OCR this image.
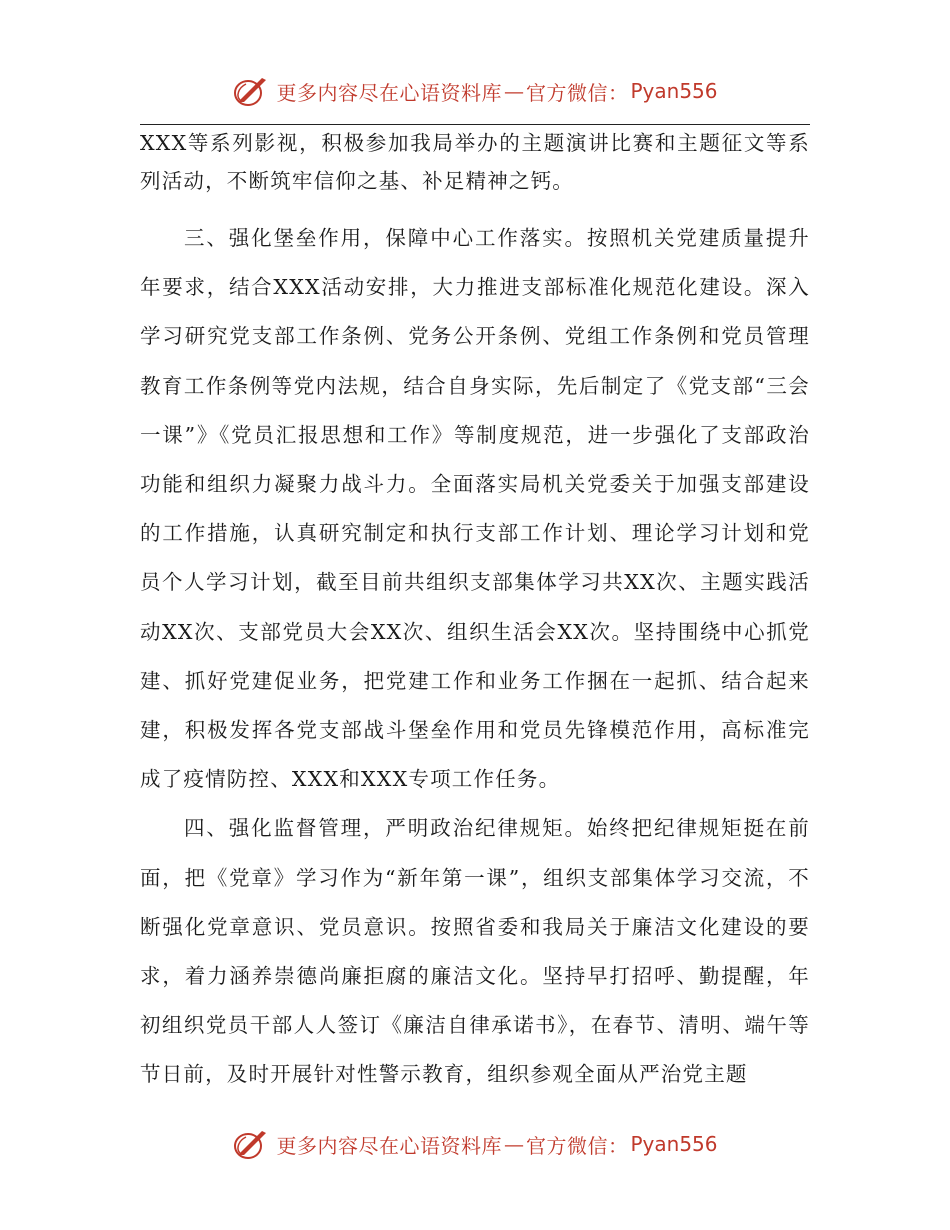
更多内容尽在心语资料库 — 官方微信： Pyan556

XXX等系列影视，积极参加我局举办的主题演讲比赛和主题征文等系列活动，不断筑牢信仰之基、补足精神之钙。

三、强化堡垒作用，保障中心工作落实。按照机关党建质量提升年要求，结合XXX活动安排，大力推进支部标准化规范化建设。深入学习研究党支部工作条例、党务公开条例、党组工作条例和党员管理教育工作条例等党内法规，结合自身实际，先后制定了《党支部“三会一课”》《党员汇报思想和工作》等制度规范，进一步强化了支部政治功能和组织力凝聚力战斗力。全面落实局机关党委关于加强支部建设的工作措施，认真研究制定和执行支部工作计划、理论学习计划和党员个人学习计划，截至目前共组织支部集体学习共XX次、主题实践活动XX次、支部党员大会XX次、组织生活会XX次。坚持围绕中心抓党建、抓好党建促业务，把党建工作和业务工作捆在一起抓、结合起来建，积极发挥各党支部战斗堡垒作用和党员先锋模范作用，高标准完成了疫情防控、XXX和XXX专项工作任务。

四、强化监督管理，严明政治纪律规矩。始终把纪律规矩挺在前面，把《党章》学习作为“新年第一课”，组织支部集体学习交流，不断强化党章意识、党员意识。按照省委和我局关于廉洁文化建设的要求，着力涵养崇德尚廉拒腐的廉洁文化。坚持早打招呼、勤提醒，年初组织党员干部人人签订《廉洁自律承诺书》，在春节、清明、端午等节日前，及时开展针对性警示教育，组织参观全面从严治党主题

更多内容尽在心语资料库 — 官方微信： Pyan556
